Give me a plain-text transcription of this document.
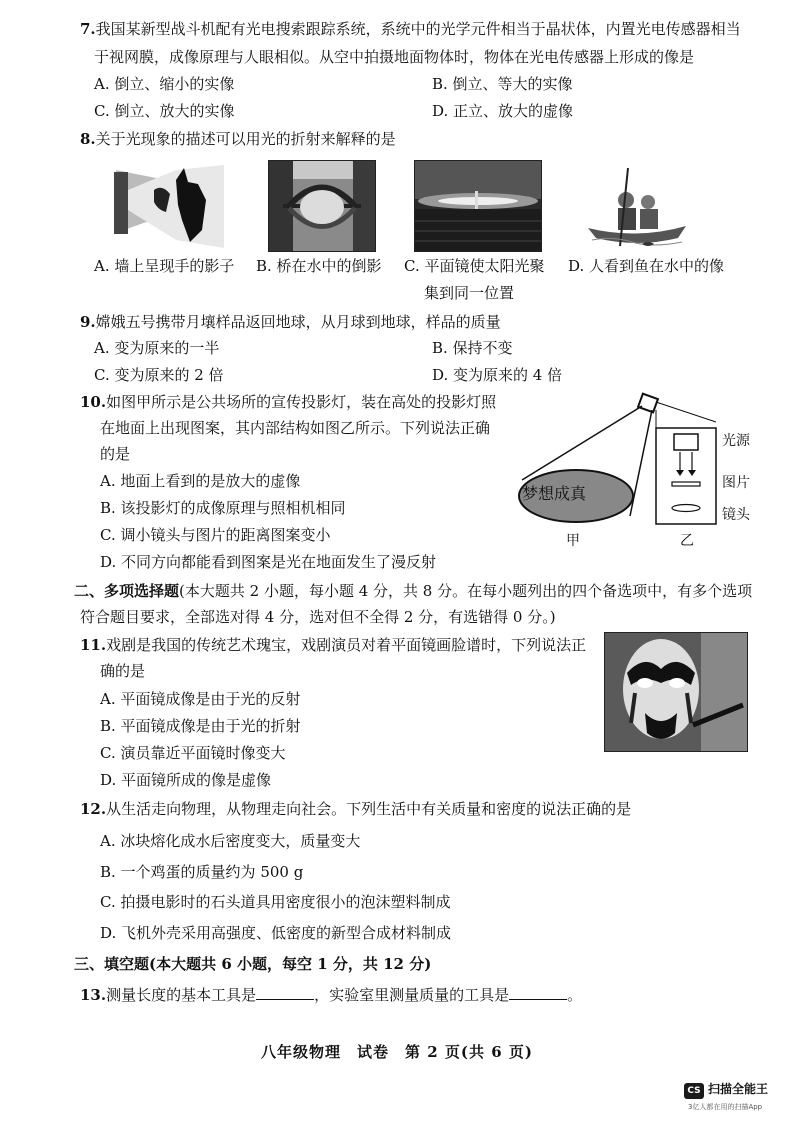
7.我国某新型战斗机配有光电搜索跟踪系统，系统中的光学元件相当于晶状体，内置光电传感器相当
于视网膜，成像原理与人眼相似。从空中拍摄地面物体时，物体在光电传感器上形成的像是
A. 倒立、缩小的实像	B. 倒立、等大的实像
C. 倒立、放大的实像	D. 正立、放大的虚像
8.关于光现象的描述可以用光的折射来解释的是
A. 墙上呈现手的影子 B. 桥在水中的倒影 C. 平面镜使太阳光聚 D. 人看到鱼在水中的像
集到同一位置
9.嫦娥五号携带月壤样品返回地球，从月球到地球，样品的质量
A. 变为原来的一半	B. 保持不变
C. 变为原来的 2 倍	D. 变为原来的 4 倍
10.如图甲所示是公共场所的宣传投影灯，装在高处的投影灯照
在地面上出现图案，其内部结构如图乙所示。下列说法正确
的是
A. 地面上看到的是放大的虚像
B. 该投影灯的成像原理与照相机相同
C. 调小镜头与图片的距离图案变小
D. 不同方向都能看到图案是光在地面发生了漫反射
梦想成真
甲	乙
光源
图片
镜头
二、多项选择题(本大题共 2 小题，每小题 4 分，共 8 分。在每小题列出的四个备选项中，有多个选项
符合题目要求，全部选对得 4 分，选对但不全得 2 分，有选错得 0 分。)
11.戏剧是我国的传统艺术瑰宝，戏剧演员对着平面镜画脸谱时，下列说法正
确的是
A. 平面镜成像是由于光的反射
B. 平面镜成像是由于光的折射
C. 演员靠近平面镜时像变大
D. 平面镜所成的像是虚像
12.从生活走向物理，从物理走向社会。下列生活中有关质量和密度的说法正确的是
A. 冰块熔化成水后密度变大，质量变大
B. 一个鸡蛋的质量约为 500 g
C. 拍摄电影时的石头道具用密度很小的泡沫塑料制成
D. 飞机外壳采用高强度、低密度的新型合成材料制成
三、填空题(本大题共 6 小题，每空 1 分，共 12 分)
13.测量长度的基本工具是	，实验室里测量质量的工具是	。
八年级物理　试卷　第 2 页(共 6 页)
CS 扫描全能王
3亿人都在用的扫描App
